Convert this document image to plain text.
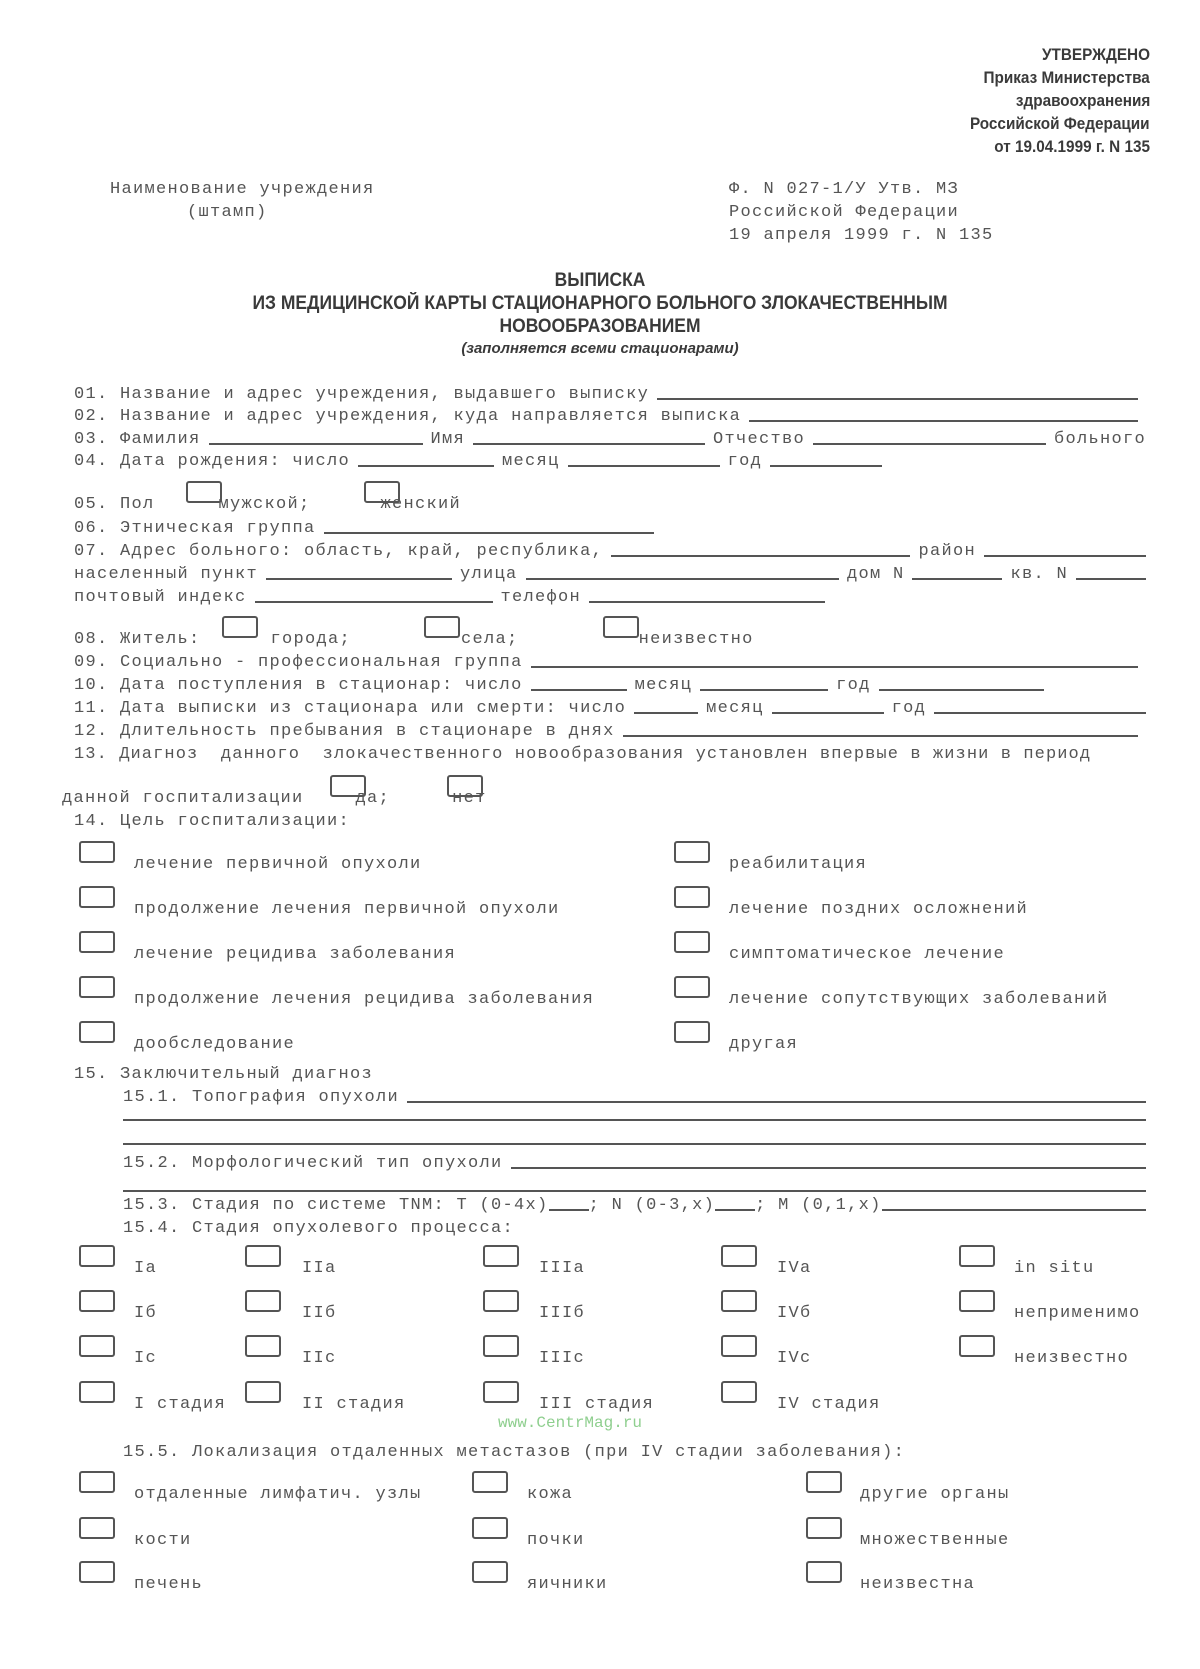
УТВЕРЖДЕНО
Приказ Министерства
здравоохранения
Российской Федерации
от 19.04.1999 г. N 135
Наименование учреждения
(штамп)
Ф. N 027-1/У Утв. МЗ
Российской Федерации
19 апреля 1999 г. N 135
ВЫПИСКА
ИЗ МЕДИЦИНСКОЙ КАРТЫ СТАЦИОНАРНОГО БОЛЬНОГО ЗЛОКАЧЕСТВЕННЫМ
НОВООБРАЗОВАНИЕМ
(заполняется всеми стационарами)
01. Название и адрес учреждения, выдавшего выписку
02. Название и адрес учреждения, куда направляется выписка
03. Фамилия	Имя	Отчество	больного
04. Дата рождения: число	месяц	год
05. Пол	мужской;	женский
06. Этническая группа
07. Адрес больного: область, край, республика,	район
населенный пункт	улица	дом N	кв. N
почтовый индекс	телефон
08. Житель:	города;	села;	неизвестно
09. Социально - профессиональная группа
10. Дата поступления в стационар: число	месяц	год
11. Дата выписки из стационара или смерти: число	месяц	год
12. Длительность пребывания в стационаре в днях
13. Диагноз  данного  злокачественного новообразования установлен впервые в жизни в период
данной госпитализации	да;	нет
14. Цель госпитализации:
лечение первичной опухоли	реабилитация
продолжение лечения первичной опухоли	лечение поздних осложнений
лечение рецидива заболевания	симптоматическое лечение
продолжение лечения рецидива заболевания	лечение сопутствующих заболеваний
дообследование	другая
15. Заключительный диагноз
15.1. Топография опухоли
15.2. Морфологический тип опухоли
15.3. Стадия по системе TNM: T (0-4x) ; N (0-3,x) ; M (0,1,x)
15.4. Стадия опухолевого процесса:
Ia	IIa	IIIa	IVa	in situ
Iб	IIб	IIIб	IVб	неприменимо
Ic	IIc	IIIc	IVc	неизвестно
I стадия	II стадия	III стадия	IV стадия
www.CentrMag.ru
15.5. Локализация отдаленных метастазов (при IV стадии заболевания):
отдаленные лимфатич. узлы	кожа	другие органы
кости	почки	множественные
печень	яичники	неизвестна
